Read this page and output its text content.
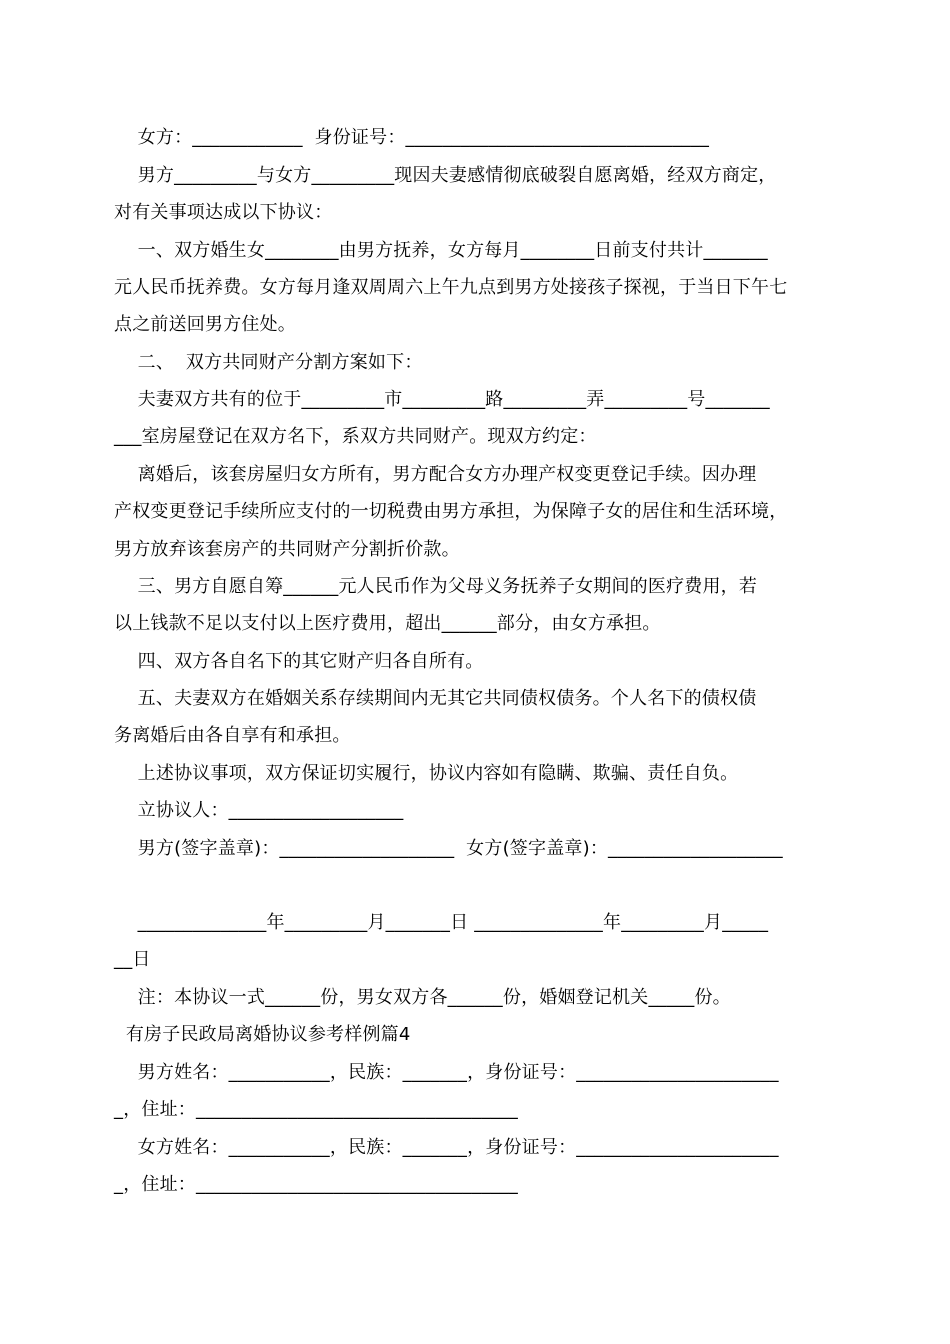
女方：____________  身份证号：_________________________________
男方_________与女方_________现因夫妻感情彻底破裂自愿离婚，经双方商定，
对有关事项达成以下协议：
一、双方婚生女________由男方抚养，女方每月________日前支付共计_______
元人民币抚养费。女方每月逢双周周六上午九点到男方处接孩子探视，于当日下午七
点之前送回男方住处。
二、  双方共同财产分割方案如下：
夫妻双方共有的位于_________市_________路_________弄_________号_______
___室房屋登记在双方名下，系双方共同财产。现双方约定：
离婚后，该套房屋归女方所有，男方配合女方办理产权变更登记手续。因办理
产权变更登记手续所应支付的一切税费由男方承担，为保障子女的居住和生活环境，
男方放弃该套房产的共同财产分割折价款。
三、男方自愿自筹______元人民币作为父母义务抚养子女期间的医疗费用，若
以上钱款不足以支付以上医疗费用，超出______部分，由女方承担。
四、双方各自名下的其它财产归各自所有。
五、夫妻双方在婚姻关系存续期间内无其它共同债权债务。个人名下的债权债
务离婚后由各自享有和承担。
上述协议事项，双方保证切实履行，协议内容如有隐瞒、欺骗、责任自负。
立协议人：___________________
男方(签字盖章)：___________________  女方(签字盖章)：___________________
______________年_________月_______日 ______________年_________月_____
__日
注：本协议一式______份，男女双方各______份，婚姻登记机关_____份。
有房子民政局离婚协议参考样例篇4
男方姓名：___________，民族：_______，身份证号：______________________
_，住址：___________________________________
女方姓名：___________，民族：_______，身份证号：______________________
_，住址：___________________________________
